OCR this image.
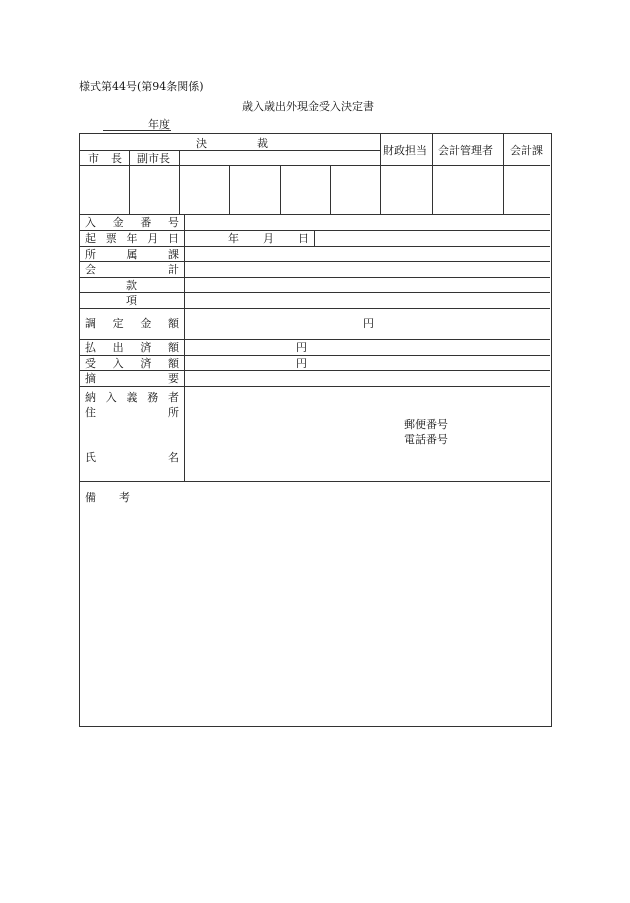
様式第44号(第94条関係)
歳入歳出外現金受入決定書
年度
決	裁
市 長 副市長
財政担当 会計管理者 会計課
入 金 番 号
起 票 年 月 日	年 月 日
所	属	課
会	計
款
項
調 定 金 額	円
払 出 済 額	円
受 入 済 額	円
摘	要
納 入 義 務 者
住	所
氏	名
郵便番号
電話番号
備 考
